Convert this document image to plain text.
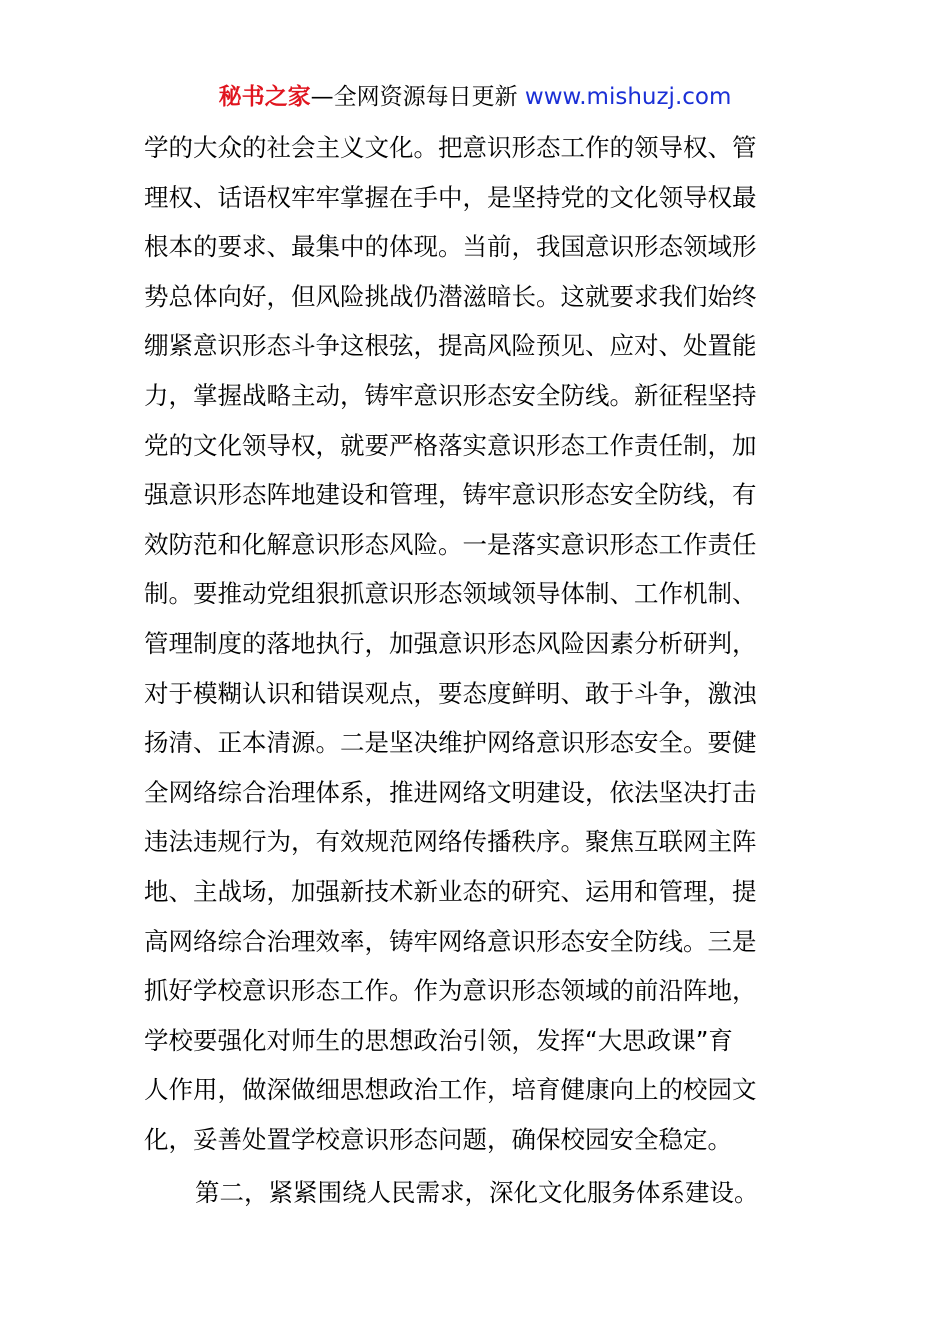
秘书之家—全网资源每日更新 www.mishuzj.com
学的大众的社会主义文化。把意识形态工作的领导权、管
理权、话语权牢牢掌握在手中，是坚持党的文化领导权最
根本的要求、最集中的体现。当前，我国意识形态领域形
势总体向好，但风险挑战仍潜滋暗长。这就要求我们始终
绷紧意识形态斗争这根弦，提高风险预见、应对、处置能
力，掌握战略主动，铸牢意识形态安全防线。新征程坚持
党的文化领导权，就要严格落实意识形态工作责任制，加
强意识形态阵地建设和管理，铸牢意识形态安全防线，有
效防范和化解意识形态风险。一是落实意识形态工作责任
制。要推动党组狠抓意识形态领域领导体制、工作机制、
管理制度的落地执行，加强意识形态风险因素分析研判，
对于模糊认识和错误观点，要态度鲜明、敢于斗争，激浊
扬清、正本清源。二是坚决维护网络意识形态安全。要健
全网络综合治理体系，推进网络文明建设，依法坚决打击
违法违规行为，有效规范网络传播秩序。聚焦互联网主阵
地、主战场，加强新技术新业态的研究、运用和管理，提
高网络综合治理效率，铸牢网络意识形态安全防线。三是
抓好学校意识形态工作。作为意识形态领域的前沿阵地，
学校要强化对师生的思想政治引领，发挥“大思政课”育
人作用，做深做细思想政治工作，培育健康向上的校园文
化，妥善处置学校意识形态问题，确保校园安全稳定。
第二，紧紧围绕人民需求，深化文化服务体系建设。
